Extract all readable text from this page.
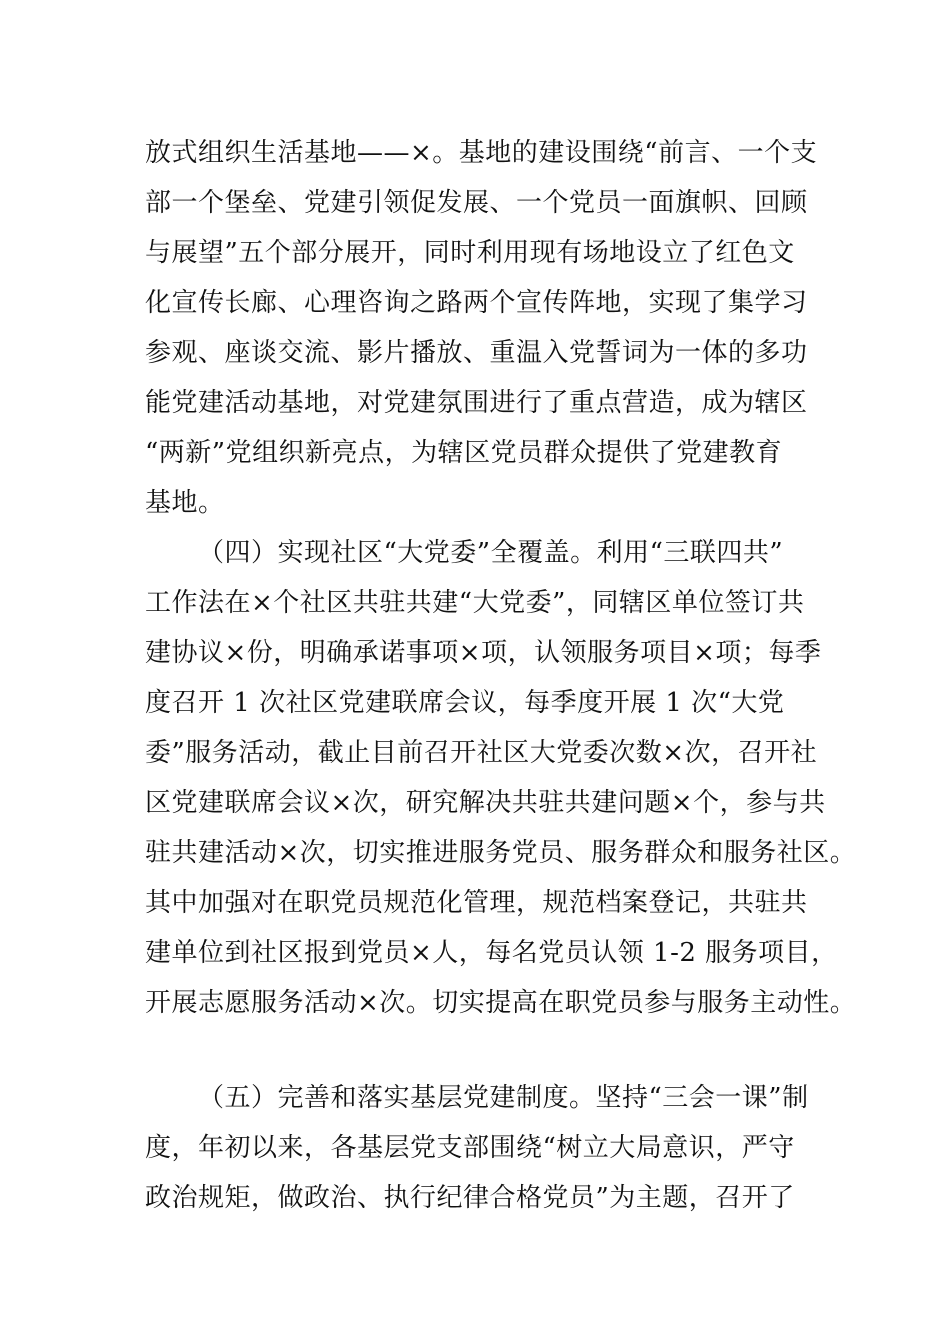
放式组织生活基地——×。基地的建设围绕“前言、一个支
部一个堡垒、党建引领促发展、一个党员一面旗帜、回顾
与展望”五个部分展开，同时利用现有场地设立了红色文
化宣传长廊、心理咨询之路两个宣传阵地，实现了集学习
参观、座谈交流、影片播放、重温入党誓词为一体的多功
能党建活动基地，对党建氛围进行了重点营造，成为辖区
“两新”党组织新亮点，为辖区党员群众提供了党建教育
基地。
（四）实现社区“大党委”全覆盖。利用“三联四共”
工作法在×个社区共驻共建“大党委”，同辖区单位签订共
建协议×份，明确承诺事项×项，认领服务项目×项；每季
度召开 1 次社区党建联席会议，每季度开展 1 次“大党
委”服务活动，截止目前召开社区大党委次数×次，召开社
区党建联席会议×次，研究解决共驻共建问题×个，参与共
驻共建活动×次，切实推进服务党员、服务群众和服务社区。
其中加强对在职党员规范化管理，规范档案登记，共驻共
建单位到社区报到党员×人，每名党员认领 1-2 服务项目，
开展志愿服务活动×次。切实提高在职党员参与服务主动性。
（五）完善和落实基层党建制度。坚持“三会一课”制
度，年初以来，各基层党支部围绕“树立大局意识，严守
政治规矩，做政治、执行纪律合格党员”为主题，召开了
